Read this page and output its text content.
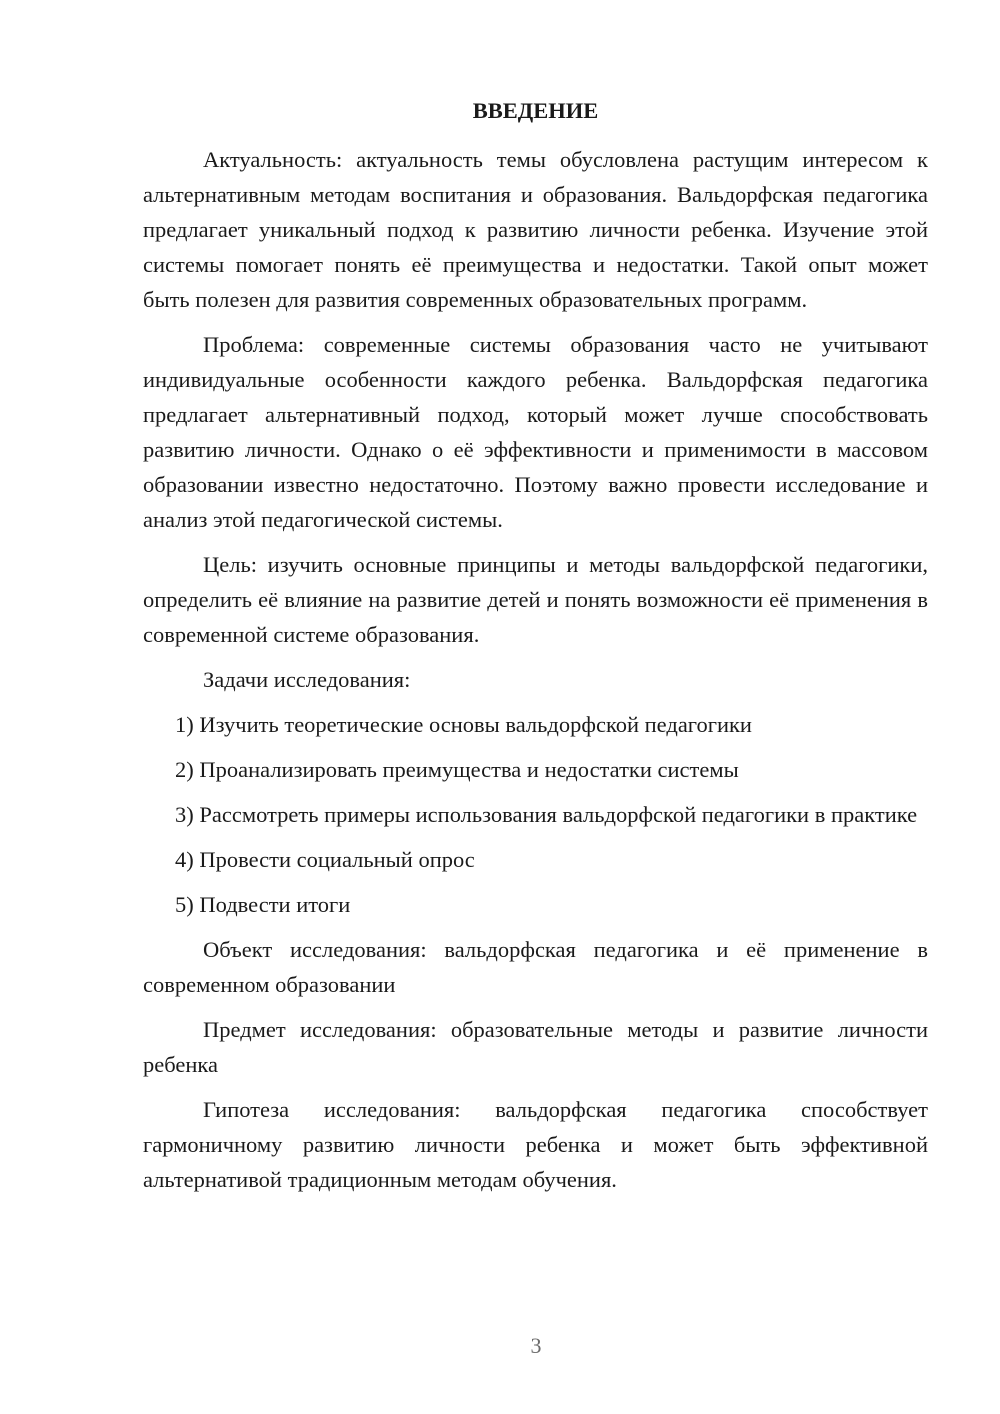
ВВЕДЕНИЕ

Актуальность: актуальность темы обусловлена растущим интересом к альтернативным методам воспитания и образования. Вальдорфская педагогика предлагает уникальный подход к развитию личности ребенка. Изучение этой системы помогает понять её преимущества и недостатки. Такой опыт может быть полезен для развития современных образовательных программ.

Проблема: современные системы образования часто не учитывают индивидуальные особенности каждого ребенка. Вальдорфская педагогика предлагает альтернативный подход, который может лучше способствовать развитию личности. Однако о её эффективности и применимости в массовом образовании известно недостаточно. Поэтому важно провести исследование и анализ этой педагогической системы.

Цель: изучить основные принципы и методы вальдорфской педагогики, определить её влияние на развитие детей и понять возможности её применения в современной системе образования.

Задачи исследования:

1) Изучить теоретические основы вальдорфской педагогики

2) Проанализировать преимущества и недостатки системы

3) Рассмотреть примеры использования вальдорфской педагогики в практике

4) Провести социальный опрос

5) Подвести итоги

Объект исследования: вальдорфская педагогика и её применение в современном образовании

Предмет исследования: образовательные методы и развитие личности ребенка

Гипотеза исследования: вальдорфская педагогика способствует гармоничному развитию личности ребенка и может быть эффективной альтернативой традиционным методам обучения.

3
